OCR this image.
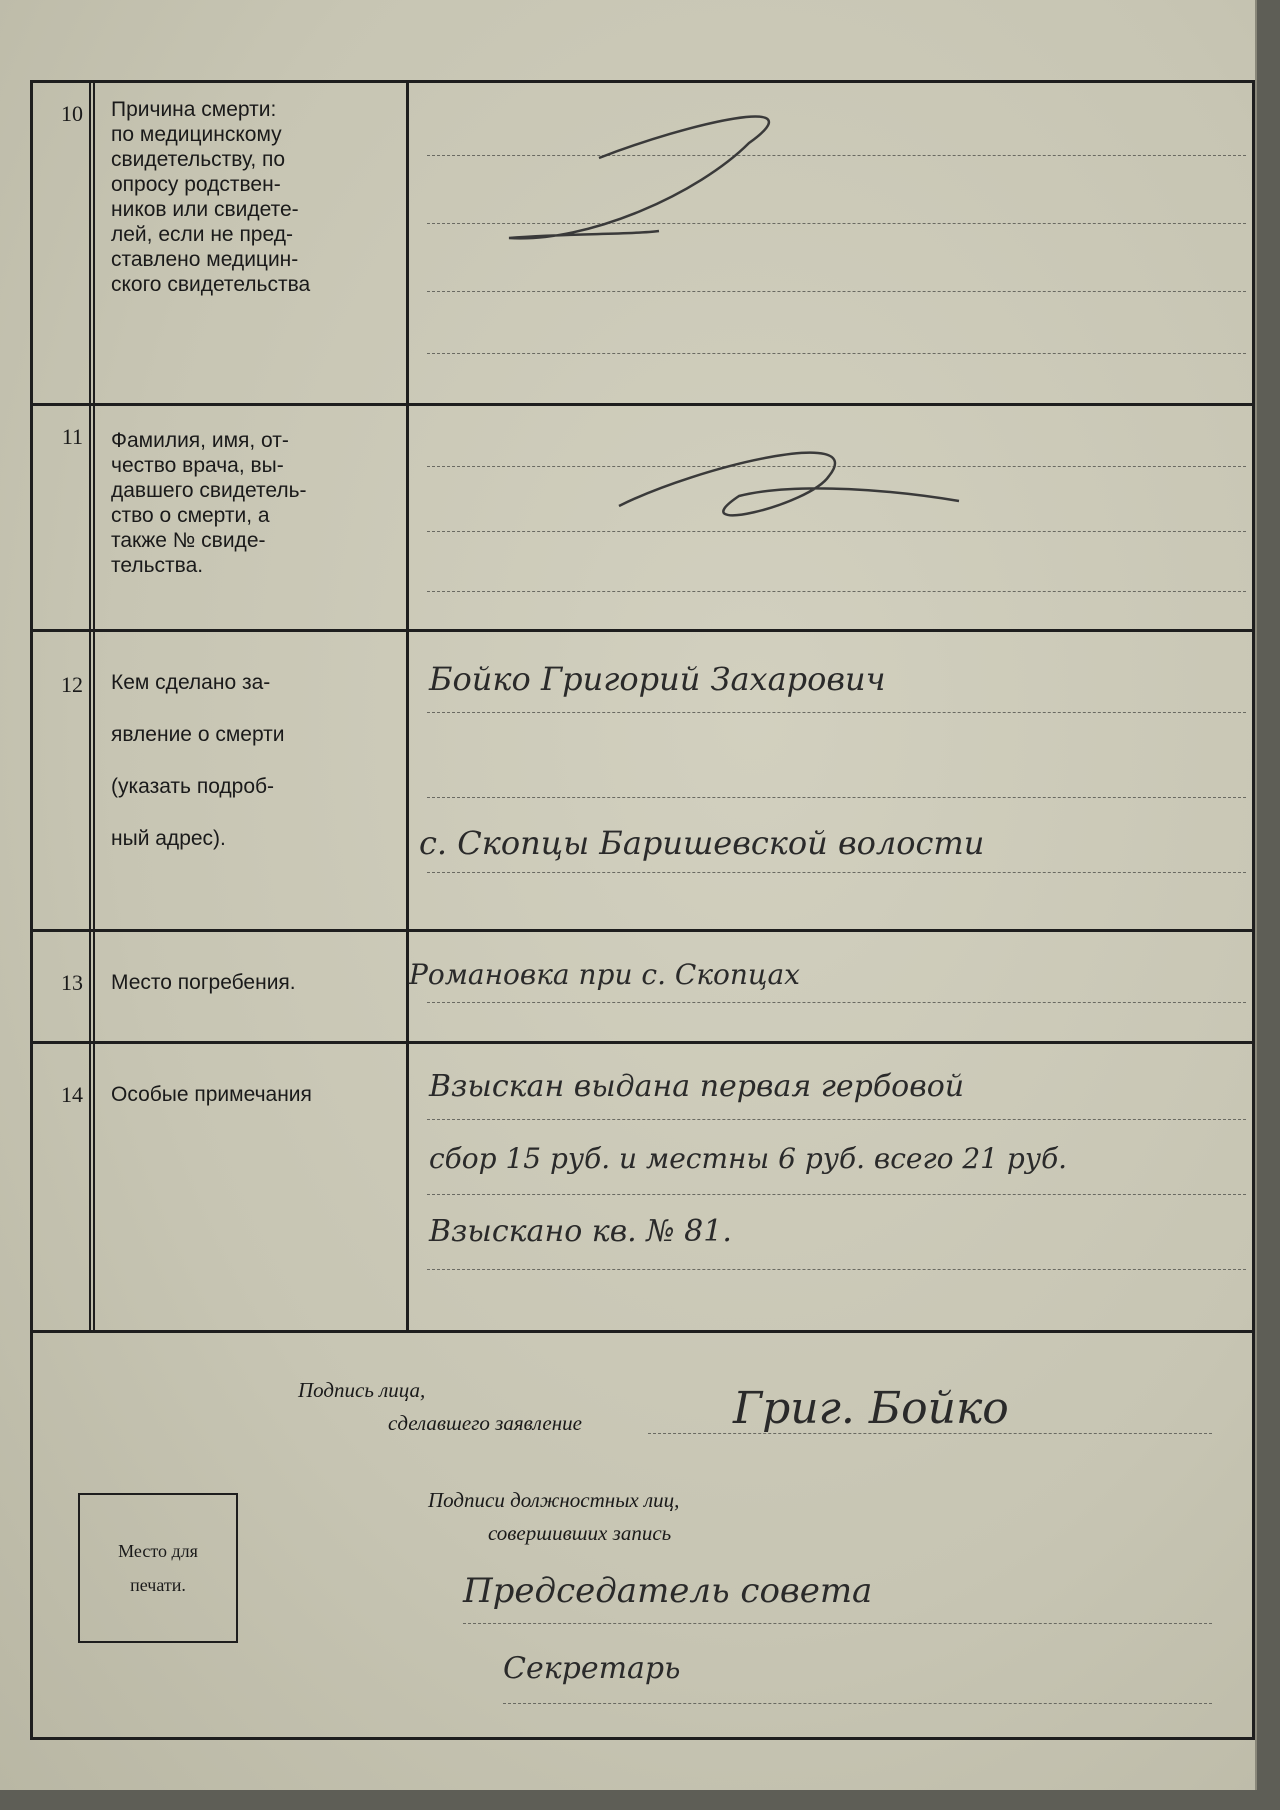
10	Причина смерти:
по медицинскому
свидетельству, по
опросу родствен-
ников или свидете-
лей, если не пред-
ставлено медицин-
ского свидетельства
11	Фамилия, имя, от-
чество врача, вы-
давшего свидетель-
ство о смерти, а
также № свиде-
тельства.
12	Кем сделано за-

явление о смерти

(указать подроб-

ный адрес).
Бойко Григорий Захарович
с. Скопцы Баришевской волости
13	Место погребения.	Романовка при с. Скопцах
14	Особые примечания	Взыскан выдана первая гербовой
сбор 15 руб. и местны 6 руб. всего 21 руб.
Взыскано кв. № 81.
Подпись лица,
сделавшего заявление	Григ. Бойко
Место для
печати.
Подписи должностных лиц,
совершивших запись
Председатель совета
Секретарь
